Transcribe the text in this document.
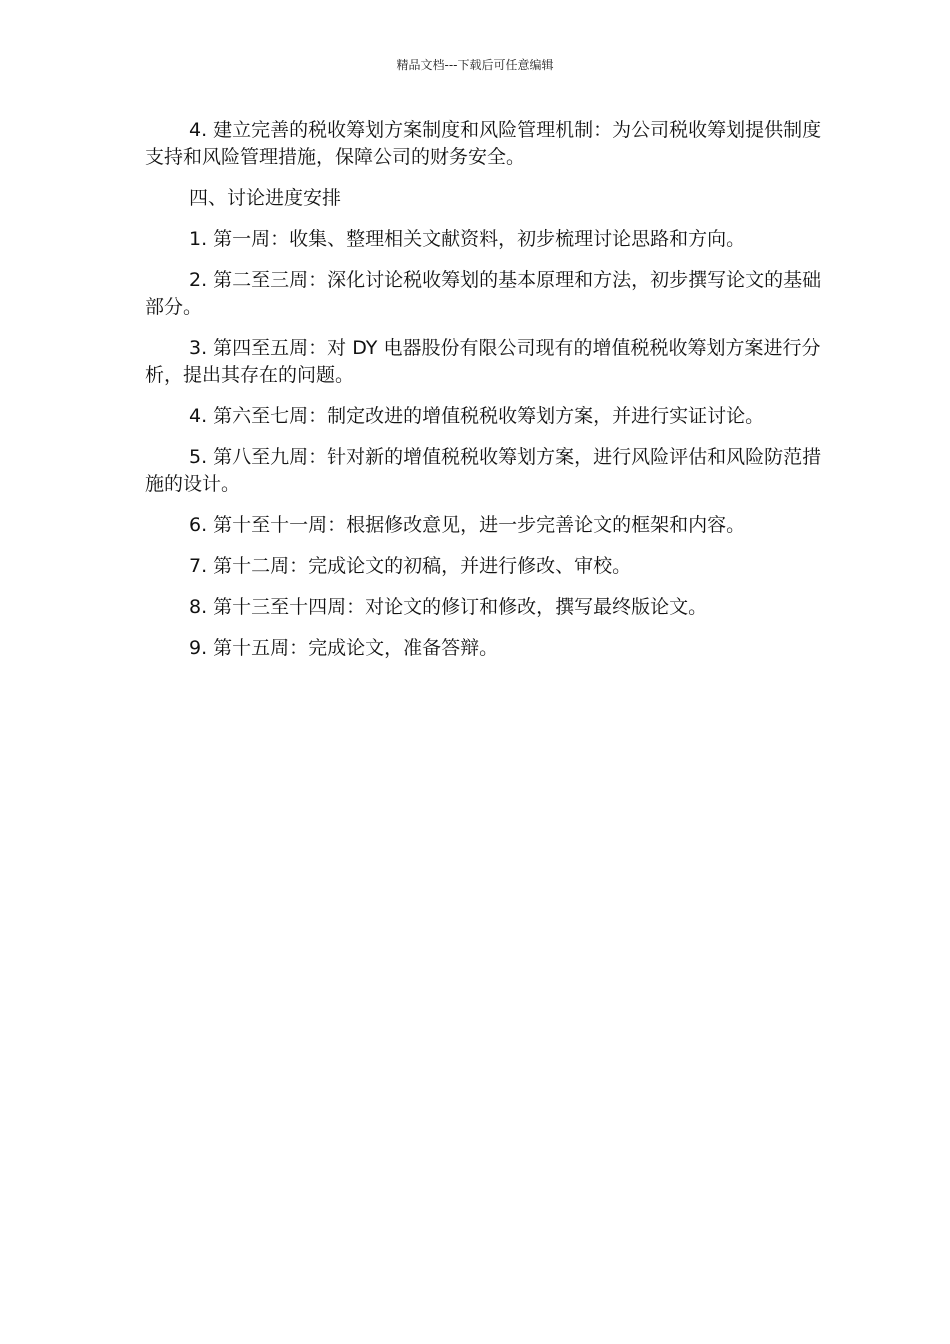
精品文档---下载后可任意编辑

4. 建立完善的税收筹划方案制度和风险管理机制：为公司税收筹划提供制度支持和风险管理措施，保障公司的财务安全。

四、讨论进度安排

1. 第一周：收集、整理相关文献资料，初步梳理讨论思路和方向。

2. 第二至三周：深化讨论税收筹划的基本原理和方法，初步撰写论文的基础部分。

3. 第四至五周：对 DY 电器股份有限公司现有的增值税税收筹划方案进行分析，提出其存在的问题。

4. 第六至七周：制定改进的增值税税收筹划方案，并进行实证讨论。

5. 第八至九周：针对新的增值税税收筹划方案，进行风险评估和风险防范措施的设计。

6. 第十至十一周：根据修改意见，进一步完善论文的框架和内容。

7. 第十二周：完成论文的初稿，并进行修改、审校。

8. 第十三至十四周：对论文的修订和修改，撰写最终版论文。

9. 第十五周：完成论文，准备答辩。
